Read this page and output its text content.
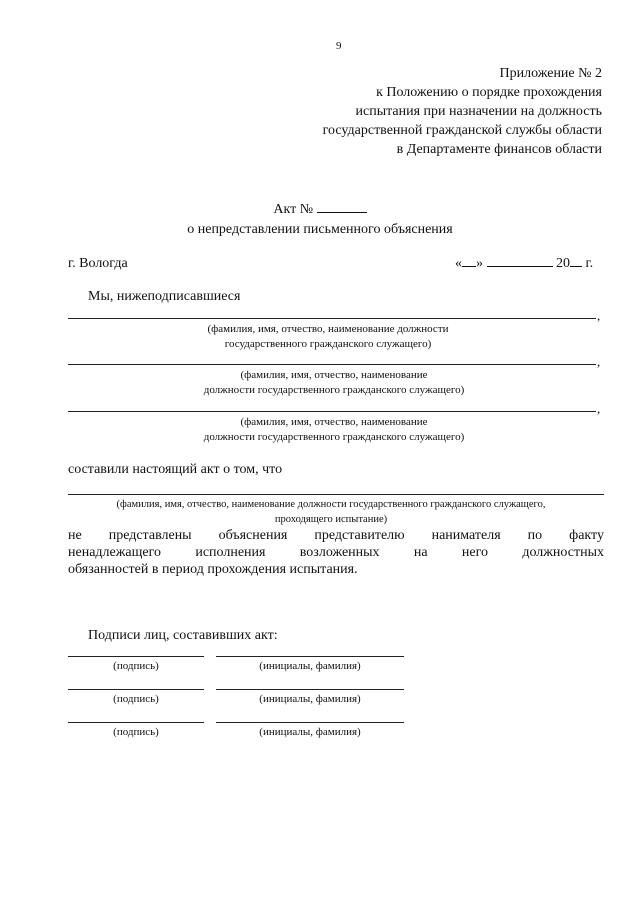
9
Приложение № 2
к Положению о порядке прохождения
испытания при назначении на должность
государственной гражданской службы области
в Департаменте финансов области
Акт №
о непредставлении письменного объяснения
г. Вологда	« »	20 г.
Мы, нижеподписавшиеся
,
(фамилия, имя, отчество, наименование должности
государственного гражданского служащего)
,
(фамилия, имя, отчество, наименование
должности государственного гражданского служащего)
,
(фамилия, имя, отчество, наименование
должности государственного гражданского служащего)
составили настоящий акт о том, что
(фамилия, имя, отчество, наименование должности государственного гражданского служащего,
проходящего испытание)
не представлены объяснения представителю нанимателя по факту
ненадлежащего исполнения возложенных на него должностных
обязанностей в период прохождения испытания.
Подписи лиц, составивших акт:
(подпись)	(инициалы, фамилия)
(подпись)	(инициалы, фамилия)
(подпись)	(инициалы, фамилия)
